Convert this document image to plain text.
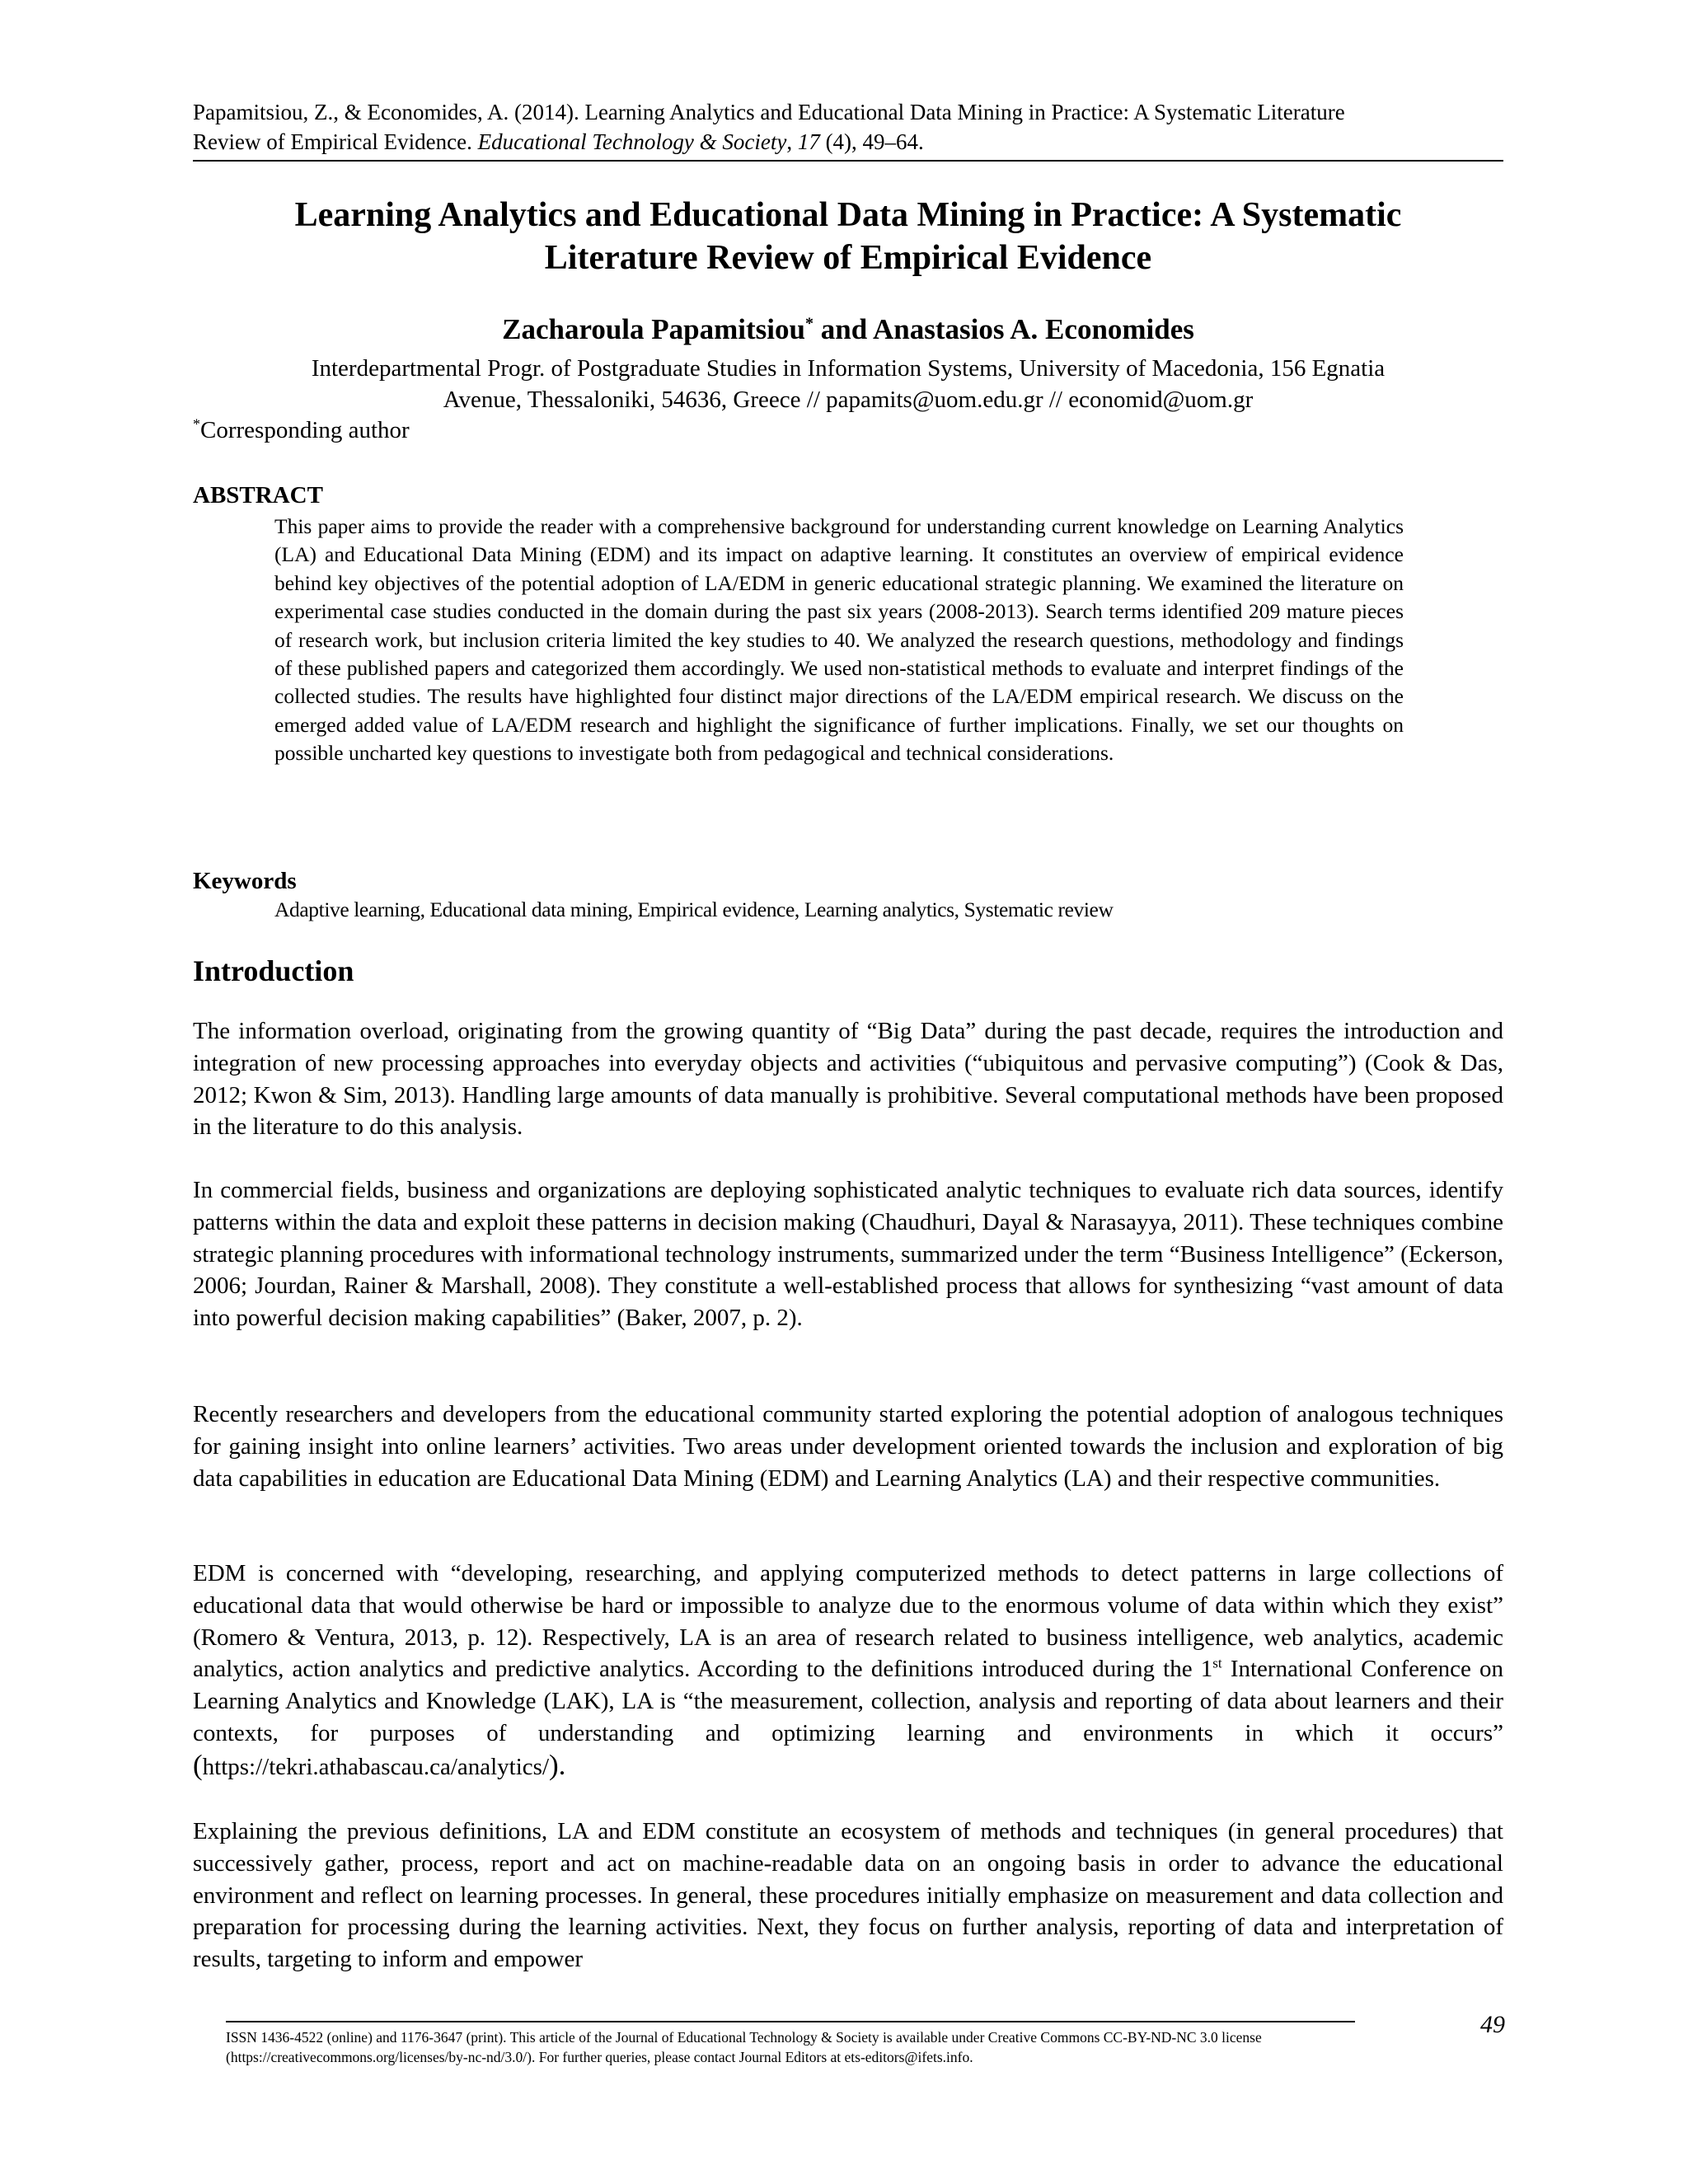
Papamitsiou, Z., & Economides, A. (2014). Learning Analytics and Educational Data Mining in Practice: A Systematic Literature
Review of Empirical Evidence. Educational Technology & Society, 17 (4), 49–64.
Learning Analytics and Educational Data Mining in Practice: A Systematic
Literature Review of Empirical Evidence
Zacharoula Papamitsiou* and Anastasios A. Economides
Interdepartmental Progr. of Postgraduate Studies in Information Systems, University of Macedonia, 156 Egnatia
Avenue, Thessaloniki, 54636, Greece // papamits@uom.edu.gr // economid@uom.gr
*Corresponding author
ABSTRACT
This paper aims to provide the reader with a comprehensive background for understanding current knowledge on Learning Analytics (LA) and Educational Data Mining (EDM) and its impact on adaptive learning. It constitutes an overview of empirical evidence behind key objectives of the potential adoption of LA/EDM in generic educational strategic planning. We examined the literature on experimental case studies conducted in the domain during the past six years (2008-2013). Search terms identified 209 mature pieces of research work, but inclusion criteria limited the key studies to 40. We analyzed the research questions, methodology and findings of these published papers and categorized them accordingly. We used non-statistical methods to evaluate and interpret findings of the collected studies. The results have highlighted four distinct major directions of the LA/EDM empirical research. We discuss on the emerged added value of LA/EDM research and highlight the significance of further implications. Finally, we set our thoughts on possible uncharted key questions to investigate both from pedagogical and technical considerations.
Keywords
Adaptive learning, Educational data mining, Empirical evidence, Learning analytics, Systematic review
Introduction

The information overload, originating from the growing quantity of “Big Data” during the past decade, requires the introduction and integration of new processing approaches into everyday objects and activities (“ubiquitous and pervasive computing”) (Cook & Das, 2012; Kwon & Sim, 2013). Handling large amounts of data manually is prohibitive. Several computational methods have been proposed in the literature to do this analysis.

In commercial fields, business and organizations are deploying sophisticated analytic techniques to evaluate rich data sources, identify patterns within the data and exploit these patterns in decision making (Chaudhuri, Dayal & Narasayya, 2011). These techniques combine strategic planning procedures with informational technology instruments, summarized under the term “Business Intelligence” (Eckerson, 2006; Jourdan, Rainer & Marshall, 2008). They constitute a well-established process that allows for synthesizing “vast amount of data into powerful decision making capabilities” (Baker, 2007, p. 2).

Recently researchers and developers from the educational community started exploring the potential adoption of analogous techniques for gaining insight into online learners’ activities. Two areas under development oriented towards the inclusion and exploration of big data capabilities in education are Educational Data Mining (EDM) and Learning Analytics (LA) and their respective communities.

EDM is concerned with “developing, researching, and applying computerized methods to detect patterns in large collections of educational data that would otherwise be hard or impossible to analyze due to the enormous volume of data within which they exist” (Romero & Ventura, 2013, p. 12). Respectively, LA is an area of research related to business intelligence, web analytics, academic analytics, action analytics and predictive analytics. According to the definitions introduced during the 1st International Conference on Learning Analytics and Knowledge (LAK), LA is “the measurement, collection, analysis and reporting of data about learners and their contexts, for purposes of understanding and optimizing learning and environments in which it occurs” (https://tekri.athabascau.ca/analytics/).

Explaining the previous definitions, LA and EDM constitute an ecosystem of methods and techniques (in general procedures) that successively gather, process, report and act on machine-readable data on an ongoing basis in order to advance the educational environment and reflect on learning processes. In general, these procedures initially emphasize on measurement and data collection and preparation for processing during the learning activities. Next, they focus on further analysis, reporting of data and interpretation of results, targeting to inform and empower

ISSN 1436-4522 (online) and 1176-3647 (print). This article of the Journal of Educational Technology & Society is available under Creative Commons CC-BY-ND-NC 3.0 license (https://creativecommons.org/licenses/by-nc-nd/3.0/). For further queries, please contact Journal Editors at ets-editors@ifets.info.
49
